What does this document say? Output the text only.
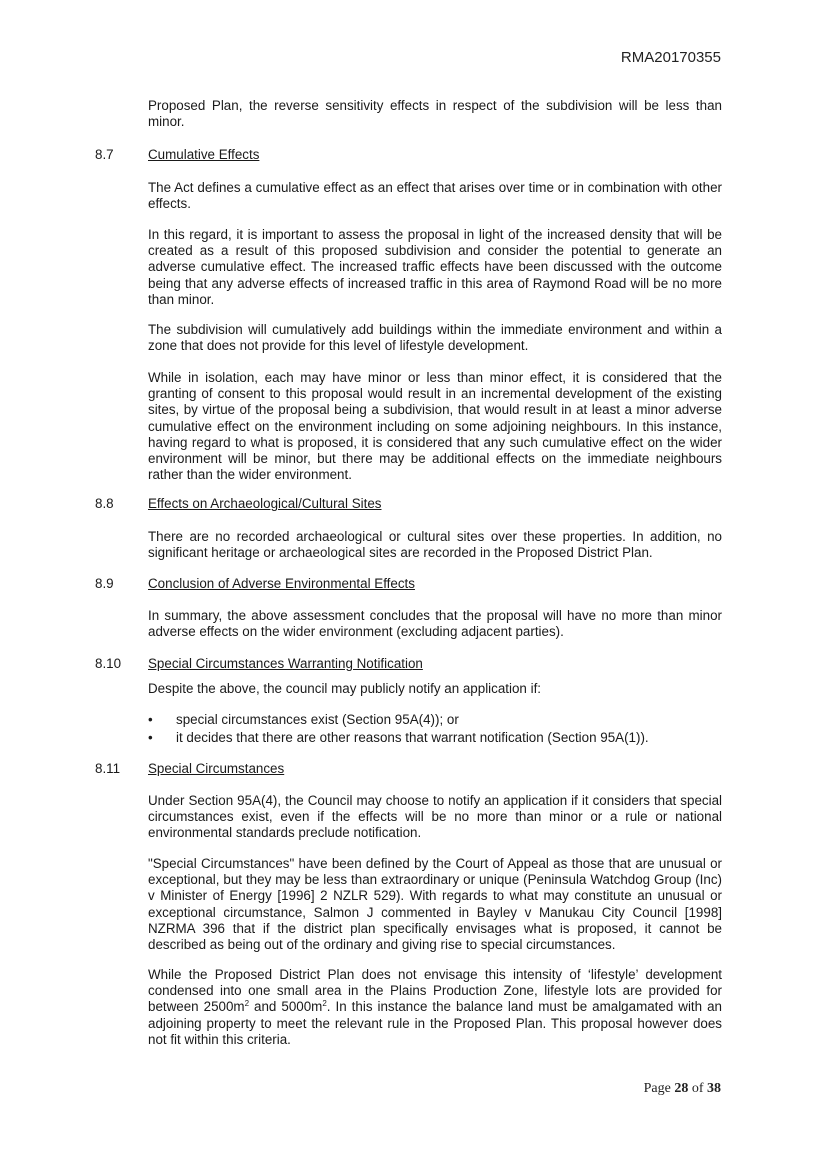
RMA20170355
Proposed Plan, the reverse sensitivity effects in respect of the subdivision will be less than minor.
8.7	Cumulative Effects
The Act defines a cumulative effect as an effect that arises over time or in combination with other effects.
In this regard, it is important to assess the proposal in light of the increased density that will be created as a result of this proposed subdivision and consider the potential to generate an adverse cumulative effect. The increased traffic effects have been discussed with the outcome being that any adverse effects of increased traffic in this area of Raymond Road will be no more than minor.
The subdivision will cumulatively add buildings within the immediate environment and within a zone that does not provide for this level of lifestyle development.
While in isolation, each may have minor or less than minor effect, it is considered that the granting of consent to this proposal would result in an incremental development of the existing sites, by virtue of the proposal being a subdivision, that would result in at least a minor adverse cumulative effect on the environment including on some adjoining neighbours. In this instance, having regard to what is proposed, it is considered that any such cumulative effect on the wider environment will be minor, but there may be additional effects on the immediate neighbours rather than the wider environment.
8.8	Effects on Archaeological/Cultural Sites
There are no recorded archaeological or cultural sites over these properties. In addition, no significant heritage or archaeological sites are recorded in the Proposed District Plan.
8.9	Conclusion of Adverse Environmental Effects
In summary, the above assessment concludes that the proposal will have no more than minor adverse effects on the wider environment (excluding adjacent parties).
8.10 Special Circumstances Warranting Notification
Despite the above, the council may publicly notify an application if:
• special circumstances exist (Section 95A(4)); or
• it decides that there are other reasons that warrant notification (Section 95A(1)).
8.11 Special Circumstances
Under Section 95A(4), the Council may choose to notify an application if it considers that special circumstances exist, even if the effects will be no more than minor or a rule or national environmental standards preclude notification.
"Special Circumstances" have been defined by the Court of Appeal as those that are unusual or exceptional, but they may be less than extraordinary or unique (Peninsula Watchdog Group (Inc) v Minister of Energy [1996] 2 NZLR 529). With regards to what may constitute an unusual or exceptional circumstance, Salmon J commented in Bayley v Manukau City Council [1998] NZRMA 396 that if the district plan specifically envisages what is proposed, it cannot be described as being out of the ordinary and giving rise to special circumstances.
While the Proposed District Plan does not envisage this intensity of ‘lifestyle’ development condensed into one small area in the Plains Production Zone, lifestyle lots are provided for between $2500m^2$ and $5000m^2$. In this instance the balance land must be amalgamated with an adjoining property to meet the relevant rule in the Proposed Plan. This proposal however does not fit within this criteria.
Page 28 of 38
